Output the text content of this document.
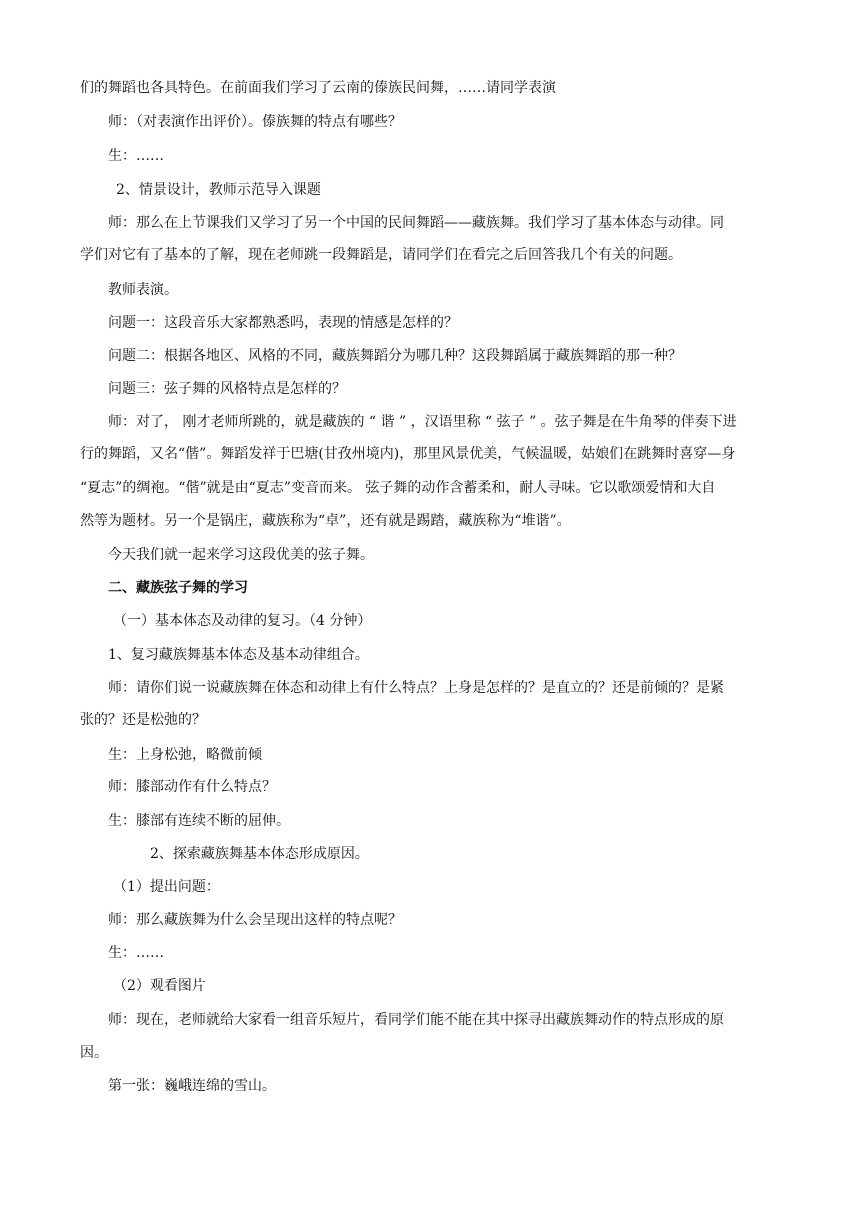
们的舞蹈也各具特色。在前面我们学习了云南的傣族民间舞，……请同学表演
师：（对表演作出评价）。傣族舞的特点有哪些？
生：……
2、情景设计，教师示范导入课题
师：那么在上节课我们又学习了另一个中国的民间舞蹈——藏族舞。我们学习了基本体态与动律。同
学们对它有了基本的了解，现在老师跳一段舞蹈是，请同学们在看完之后回答我几个有关的问题。
教师表演。
问题一：这段音乐大家都熟悉吗，表现的情感是怎样的？
问题二：根据各地区、风格的不同，藏族舞蹈分为哪几种？这段舞蹈属于藏族舞蹈的那一种？
问题三：弦子舞的风格特点是怎样的？
师：对了， 刚才老师所跳的，就是藏族的 “ 谐 ” ，汉语里称 “ 弦子 ” 。弦子舞是在牛角琴的伴奏下进
行的舞蹈，又名“偕”。舞蹈发祥于巴塘(甘孜州境内)，那里风景优美，气候温暖，姑娘们在跳舞时喜穿—身
“夏志”的绸袍。“偕”就是由“夏志”变音而来。 弦子舞的动作含蓄柔和，耐人寻味。它以歌颂爱情和大自
然等为题材。另一个是锅庄，藏族称为“卓”，还有就是踢踏，藏族称为“堆谐”。
今天我们就一起来学习这段优美的弦子舞。
二、藏族弦子舞的学习
（一）基本体态及动律的复习。（4 分钟）
1、复习藏族舞基本体态及基本动律组合。
师：请你们说一说藏族舞在体态和动律上有什么特点？上身是怎样的？是直立的？还是前倾的？是紧
张的？还是松弛的？
生：上身松弛，略微前倾
师：膝部动作有什么特点？
生：膝部有连续不断的屈伸。
2、探索藏族舞基本体态形成原因。
（1）提出问题：
师：那么藏族舞为什么会呈现出这样的特点呢？
生：……
（2）观看图片
师：现在，老师就给大家看一组音乐短片，看同学们能不能在其中探寻出藏族舞动作的特点形成的原
因。
第一张：巍峨连绵的雪山。
